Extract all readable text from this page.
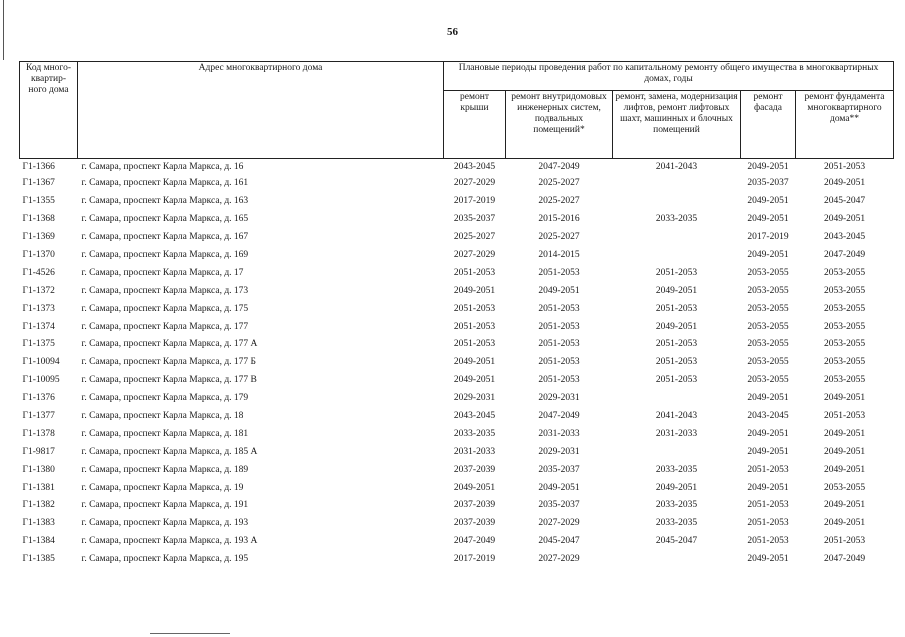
56
Код много-квартир-ного дома	Адрес многоквартирного дома	Плановые периоды проведения работ по капитальному ремонту общего имущества в многоквартирных домах, годы				
		ремонт крыши	ремонт внутридомовых инженерных систем, подвальных помещений*	ремонт, замена, модернизация лифтов, ремонт лифтовых шахт, машинных и блочных помещений	ремонт фасада	ремонт фундамента многоквартирного дома**
Г1-1366	г. Самара, проспект Карла Маркса, д. 16	2043-2045	2047-2049	2041-2043	2049-2051	2051-2053
Г1-1367	г. Самара, проспект Карла Маркса, д. 161	2027-2029	2025-2027		2035-2037	2049-2051
Г1-1355	г. Самара, проспект Карла Маркса, д. 163	2017-2019	2025-2027		2049-2051	2045-2047
Г1-1368	г. Самара, проспект Карла Маркса, д. 165	2035-2037	2015-2016	2033-2035	2049-2051	2049-2051
Г1-1369	г. Самара, проспект Карла Маркса, д. 167	2025-2027	2025-2027		2017-2019	2043-2045
Г1-1370	г. Самара, проспект Карла Маркса, д. 169	2027-2029	2014-2015		2049-2051	2047-2049
Г1-4526	г. Самара, проспект Карла Маркса, д. 17	2051-2053	2051-2053	2051-2053	2053-2055	2053-2055
Г1-1372	г. Самара, проспект Карла Маркса, д. 173	2049-2051	2049-2051	2049-2051	2053-2055	2053-2055
Г1-1373	г. Самара, проспект Карла Маркса, д. 175	2051-2053	2051-2053	2051-2053	2053-2055	2053-2055
Г1-1374	г. Самара, проспект Карла Маркса, д. 177	2051-2053	2051-2053	2049-2051	2053-2055	2053-2055
Г1-1375	г. Самара, проспект Карла Маркса, д. 177 А	2051-2053	2051-2053	2051-2053	2053-2055	2053-2055
Г1-10094	г. Самара, проспект Карла Маркса, д. 177 Б	2049-2051	2051-2053	2051-2053	2053-2055	2053-2055
Г1-10095	г. Самара, проспект Карла Маркса, д. 177 В	2049-2051	2051-2053	2051-2053	2053-2055	2053-2055
Г1-1376	г. Самара, проспект Карла Маркса, д. 179	2029-2031	2029-2031		2049-2051	2049-2051
Г1-1377	г. Самара, проспект Карла Маркса, д. 18	2043-2045	2047-2049	2041-2043	2043-2045	2051-2053
Г1-1378	г. Самара, проспект Карла Маркса, д. 181	2033-2035	2031-2033	2031-2033	2049-2051	2049-2051
Г1-9817	г. Самара, проспект Карла Маркса, д. 185 А	2031-2033	2029-2031		2049-2051	2049-2051
Г1-1380	г. Самара, проспект Карла Маркса, д. 189	2037-2039	2035-2037	2033-2035	2051-2053	2049-2051
Г1-1381	г. Самара, проспект Карла Маркса, д. 19	2049-2051	2049-2051	2049-2051	2049-2051	2053-2055
Г1-1382	г. Самара, проспект Карла Маркса, д. 191	2037-2039	2035-2037	2033-2035	2051-2053	2049-2051
Г1-1383	г. Самара, проспект Карла Маркса, д. 193	2037-2039	2027-2029	2033-2035	2051-2053	2049-2051
Г1-1384	г. Самара, проспект Карла Маркса, д. 193 А	2047-2049	2045-2047	2045-2047	2051-2053	2051-2053
Г1-1385	г. Самара, проспект Карла Маркса, д. 195	2017-2019	2027-2029		2049-2051	2047-2049
